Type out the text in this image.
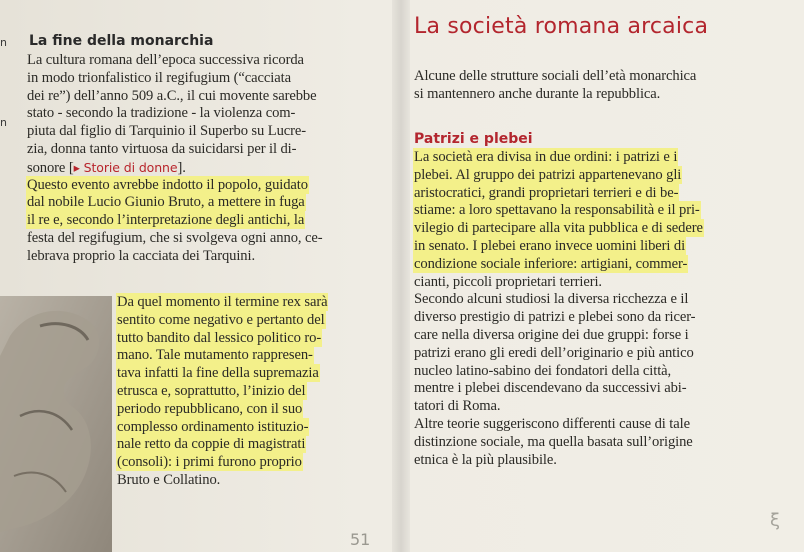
n
n
La fine della monarchia
La cultura romana dell’epoca successiva ricorda
in modo trionfalistico il regifugium (“cacciata
dei re”) dell’anno 509 a.C., il cui movente sarebbe
stato - secondo la tradizione - la violenza com-
piuta dal figlio di Tarquinio il Superbo su Lucre-
zia, donna tanto virtuosa da suicidarsi per il di-
sonore [▸ Storie di donne].
Questo evento avrebbe indotto il popolo, guidato
dal nobile Lucio Giunio Bruto, a mettere in fuga
il re e, secondo l’interpretazione degli antichi, la
festa del regifugium, che si svolgeva ogni anno, ce-
lebrava proprio la cacciata dei Tarquini.
Da quel momento il termine rex sarà
sentito come negativo e pertanto del
tutto bandito dal lessico politico ro-
mano. Tale mutamento rappresen-
tava infatti la fine della supremazia
etrusca e, soprattutto, l’inizio del
periodo repubblicano, con il suo
complesso ordinamento istituzio-
nale retto da coppie di magistrati
(consoli): i primi furono proprio
Bruto e Collatino.
La società romana arcaica
Alcune delle strutture sociali dell’età monarchica
si mantennero anche durante la repubblica.
Patrizi e plebei
La società era divisa in due ordini: i patrizi e i
plebei. Al gruppo dei patrizi appartenevano gli
aristocratici, grandi proprietari terrieri e di be-
stiame: a loro spettavano la responsabilità e il pri-
vilegio di partecipare alla vita pubblica e di sedere
in senato. I plebei erano invece uomini liberi di
condizione sociale inferiore: artigiani, commer-
cianti, piccoli proprietari terrieri.
Secondo alcuni studiosi la diversa ricchezza e il
diverso prestigio di patrizi e plebei sono da ricer-
care nella diversa origine dei due gruppi: forse i
patrizi erano gli eredi dell’originario e più antico
nucleo latino-sabino dei fondatori della città,
mentre i plebei discendevano da successivi abi-
tatori di Roma.
Altre teorie suggeriscono differenti cause di tale
distinzione sociale, ma quella basata sull’origine
etnica è la più plausibile.
51
ξ
